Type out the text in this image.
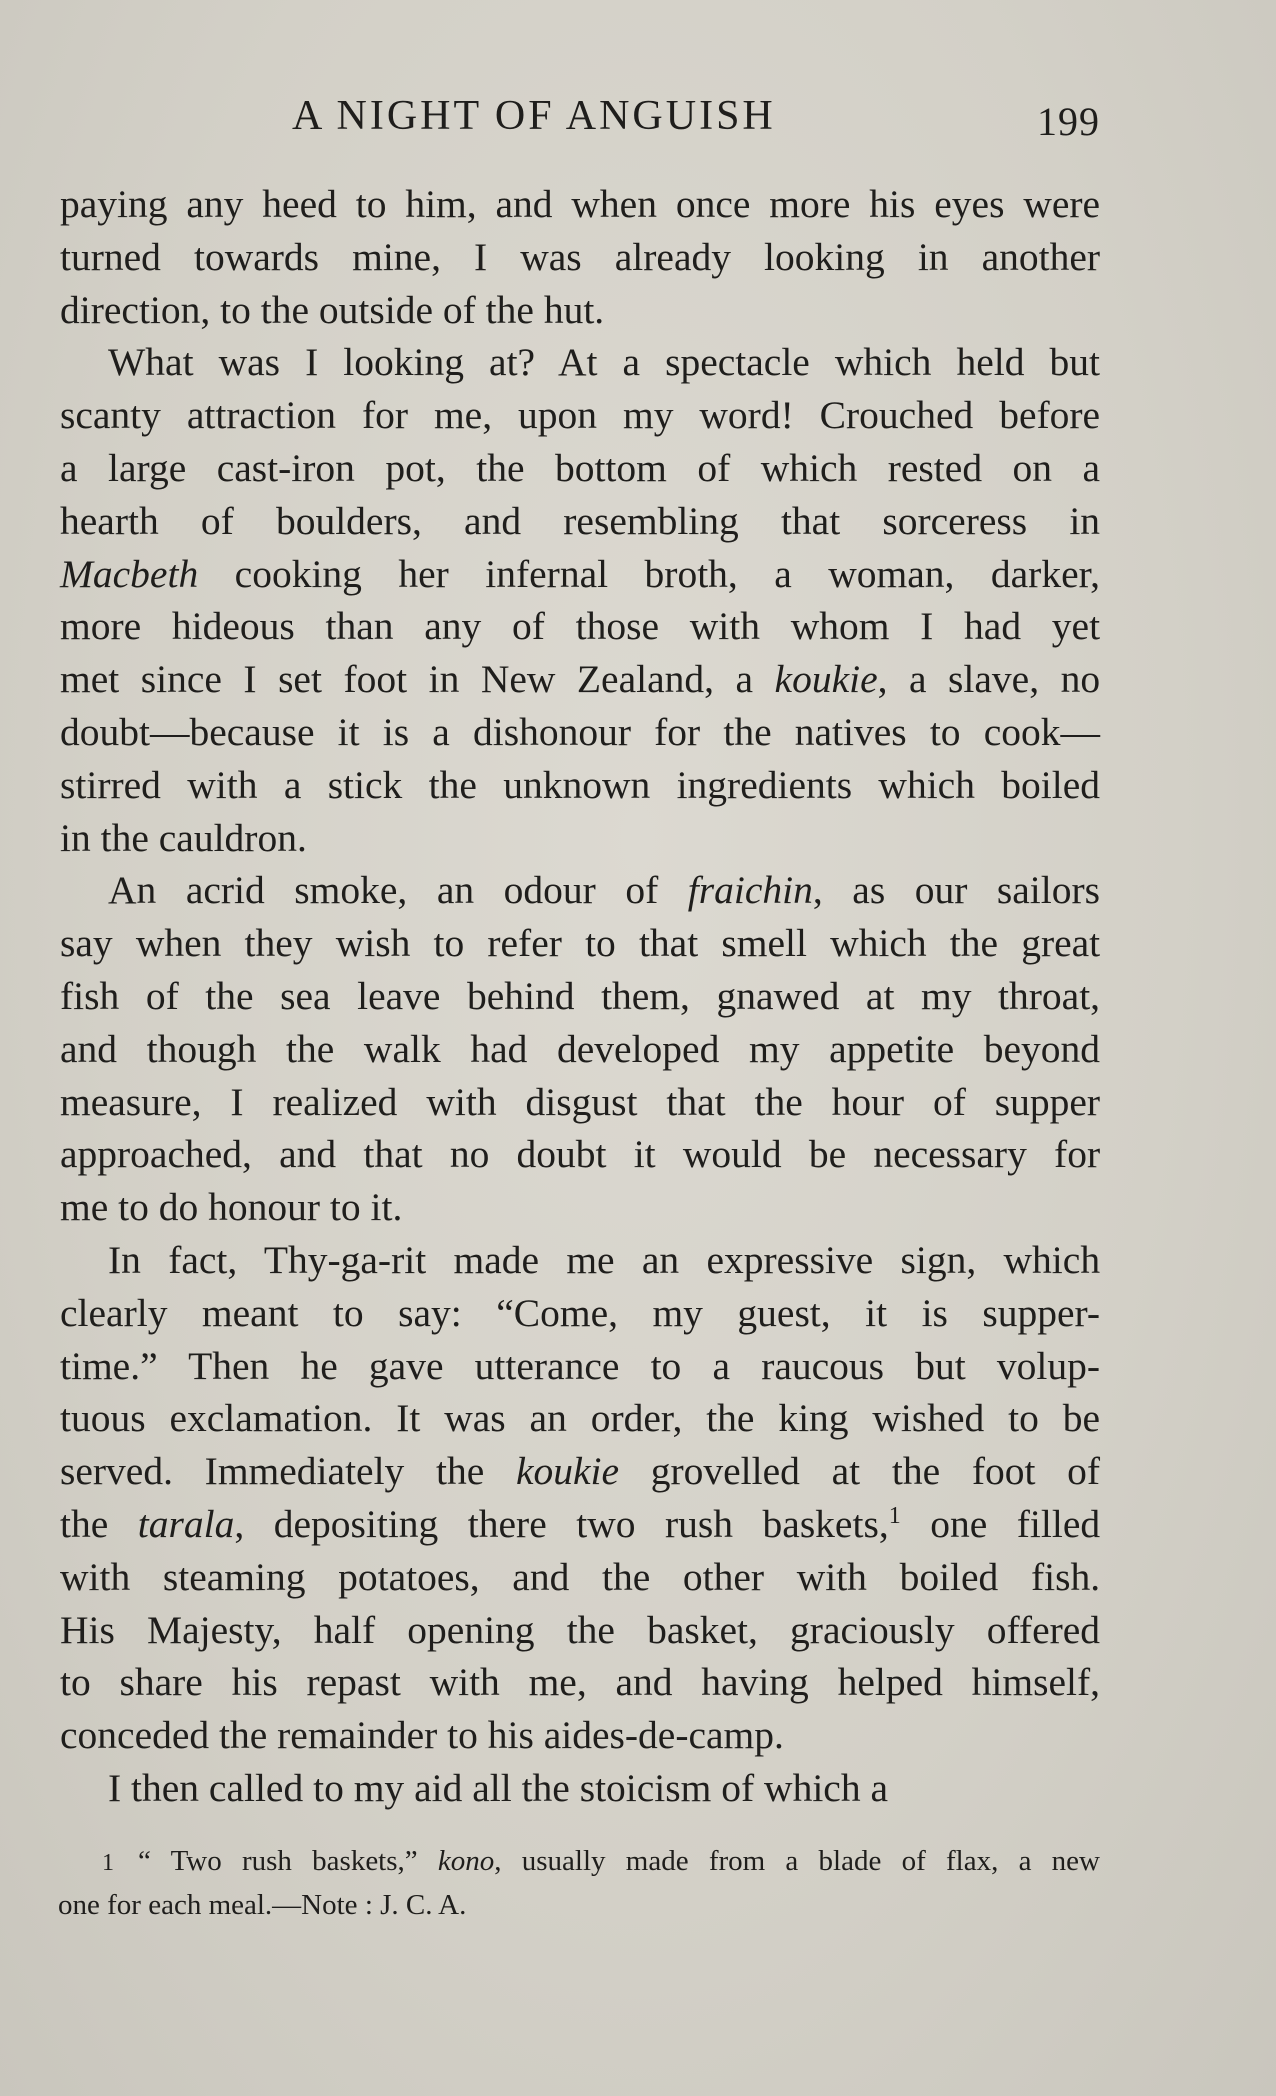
A NIGHT OF ANGUISH	199
paying any heed to him, and when once more his eyes were
turned towards mine, I was already looking in another
direction, to the outside of the hut.
What was I looking at? At a spectacle which held but
scanty attraction for me, upon my word! Crouched before
a large cast-iron pot, the bottom of which rested on a
hearth of boulders, and resembling that sorceress in
Macbeth cooking her infernal broth, a woman, darker,
more hideous than any of those with whom I had yet
met since I set foot in New Zealand, a koukie, a slave, no
doubt—because it is a dishonour for the natives to cook—
stirred with a stick the unknown ingredients which boiled
in the cauldron.
An acrid smoke, an odour of fraichin, as our sailors
say when they wish to refer to that smell which the great
fish of the sea leave behind them, gnawed at my throat,
and though the walk had developed my appetite beyond
measure, I realized with disgust that the hour of supper
approached, and that no doubt it would be necessary for
me to do honour to it.
In fact, Thy-ga-rit made me an expressive sign, which
clearly meant to say: “Come, my guest, it is supper-
time.” Then he gave utterance to a raucous but volup-
tuous exclamation. It was an order, the king wished to be
served. Immediately the koukie grovelled at the foot of
the tarala, depositing there two rush baskets,$^1$ one filled
with steaming potatoes, and the other with boiled fish.
His Majesty, half opening the basket, graciously offered
to share his repast with me, and having helped himself,
conceded the remainder to his aides-de-camp.
I then called to my aid all the stoicism of which a
1 “ Two rush baskets,” kono, usually made from a blade of flax, a new
one for each meal.—Note : J. C. A.
